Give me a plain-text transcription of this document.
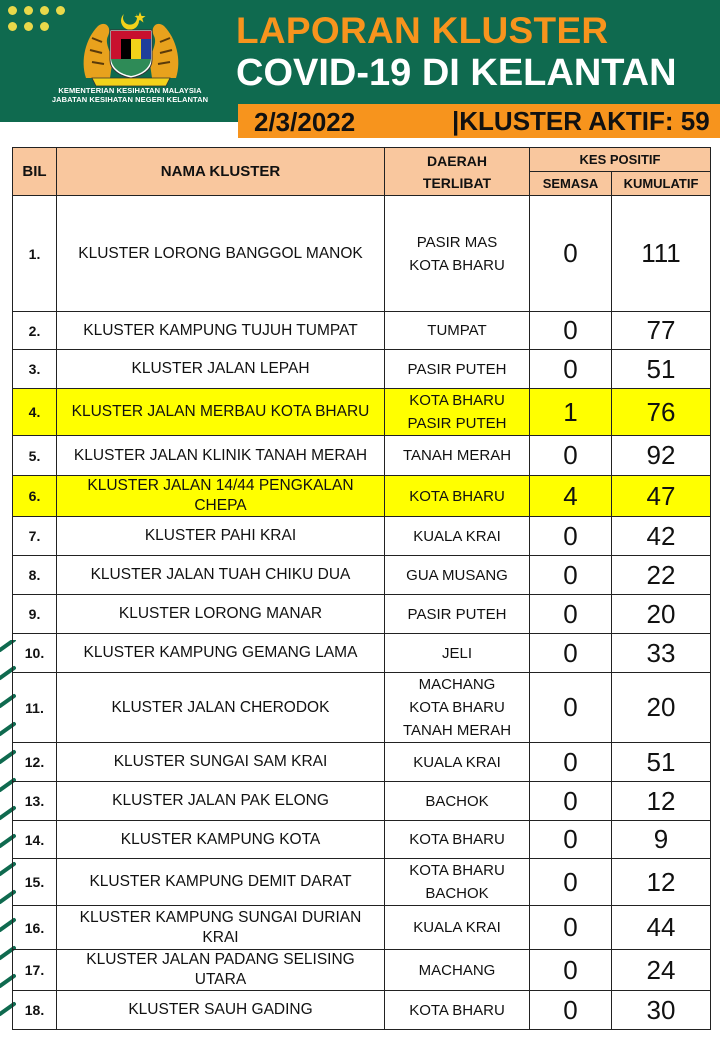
KEMENTERIAN KESIHATAN MALAYSIA
JABATAN KESIHATAN NEGERI KELANTAN
LAPORAN KLUSTER
COVID-19 DI KELANTAN
2/3/2022	|KLUSTER AKTIF: 59
BIL	NAMA KLUSTER	DAERAH TERLIBAT	KES POSITIF	
			SEMASA	KUMULATIF
1.	KLUSTER LORONG BANGGOL MANOK	PASIR MAS
KOTA BHARU	0	111
2.	KLUSTER KAMPUNG TUJUH TUMPAT	TUMPAT	0	77
3.	KLUSTER JALAN LEPAH	PASIR PUTEH	0	51
4.	KLUSTER JALAN MERBAU KOTA BHARU	KOTA BHARU
PASIR PUTEH	1	76
5.	KLUSTER JALAN KLINIK TANAH MERAH	TANAH MERAH	0	92
6.	KLUSTER JALAN 14/44 PENGKALAN CHEPA	KOTA BHARU	4	47
7.	KLUSTER PAHI KRAI	KUALA KRAI	0	42
8.	KLUSTER JALAN TUAH CHIKU DUA	GUA MUSANG	0	22
9.	KLUSTER LORONG MANAR	PASIR PUTEH	0	20
10.	KLUSTER KAMPUNG GEMANG LAMA	JELI	0	33
11.	KLUSTER JALAN CHERODOK	MACHANG
KOTA BHARU
TANAH MERAH	0	20
12.	KLUSTER SUNGAI SAM KRAI	KUALA KRAI	0	51
13.	KLUSTER JALAN PAK ELONG	BACHOK	0	12
14.	KLUSTER KAMPUNG KOTA	KOTA BHARU	0	9
15.	KLUSTER KAMPUNG DEMIT DARAT	KOTA BHARU
BACHOK	0	12
16.	KLUSTER KAMPUNG SUNGAI DURIAN KRAI	KUALA KRAI	0	44
17.	KLUSTER JALAN PADANG SELISING UTARA	MACHANG	0	24
18.	KLUSTER SAUH GADING	KOTA BHARU	0	30
